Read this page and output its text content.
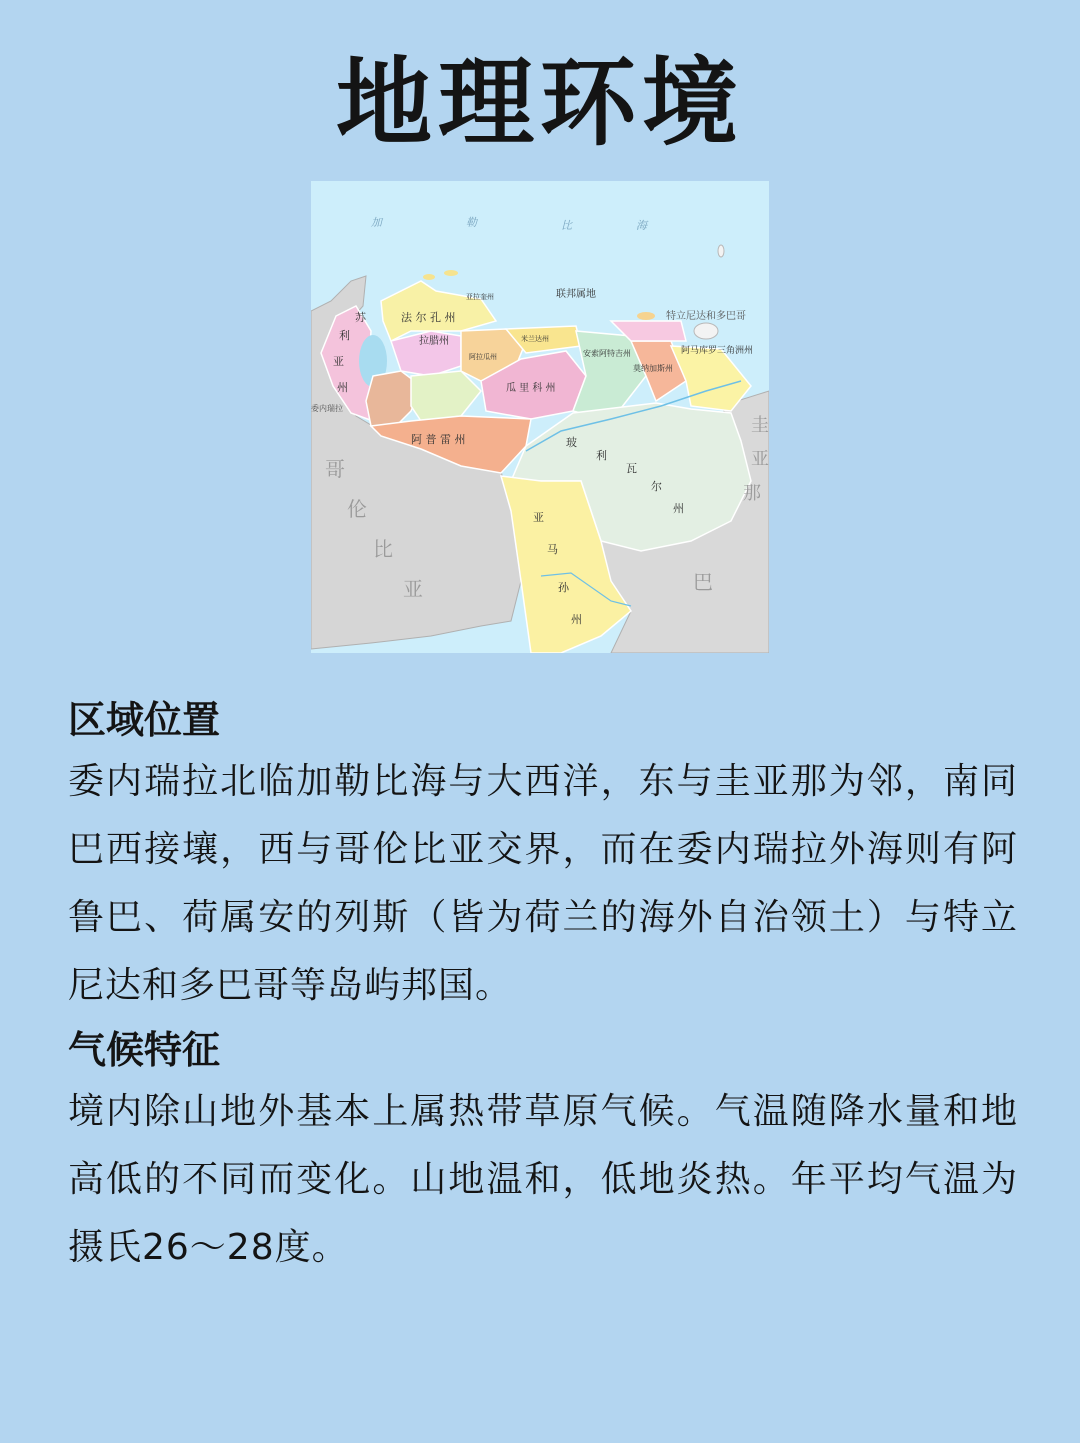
地理环境
加	勒	比	海
联邦属地
特立尼达和多巴哥
阿马库罗三角洲州
法 尔 孔 州
拉腊州
阿 普 雷 州
瓜 里 科 州
安索阿特吉州
莫纳加斯州
米兰达州
阿拉瓜州
亚拉奎州
委内瑞拉
玻
利
瓦
尔
州
亚
马
孙
州
苏
利
亚
州
哥
伦
比
亚	巴
圭
亚
那
区域位置

委内瑞拉北临加勒比海与大西洋，东与圭亚那为邻，南同巴西接壤，西与哥伦比亚交界，而在委内瑞拉外海则有阿鲁巴、荷属安的列斯（皆为荷兰的海外自治领土）与特立尼达和多巴哥等岛屿邦国。

气候特征

境内除山地外基本上属热带草原气候。气温随降水量和地高低的不同而变化。山地温和，低地炎热。年平均气温为摄氏26～28度。
